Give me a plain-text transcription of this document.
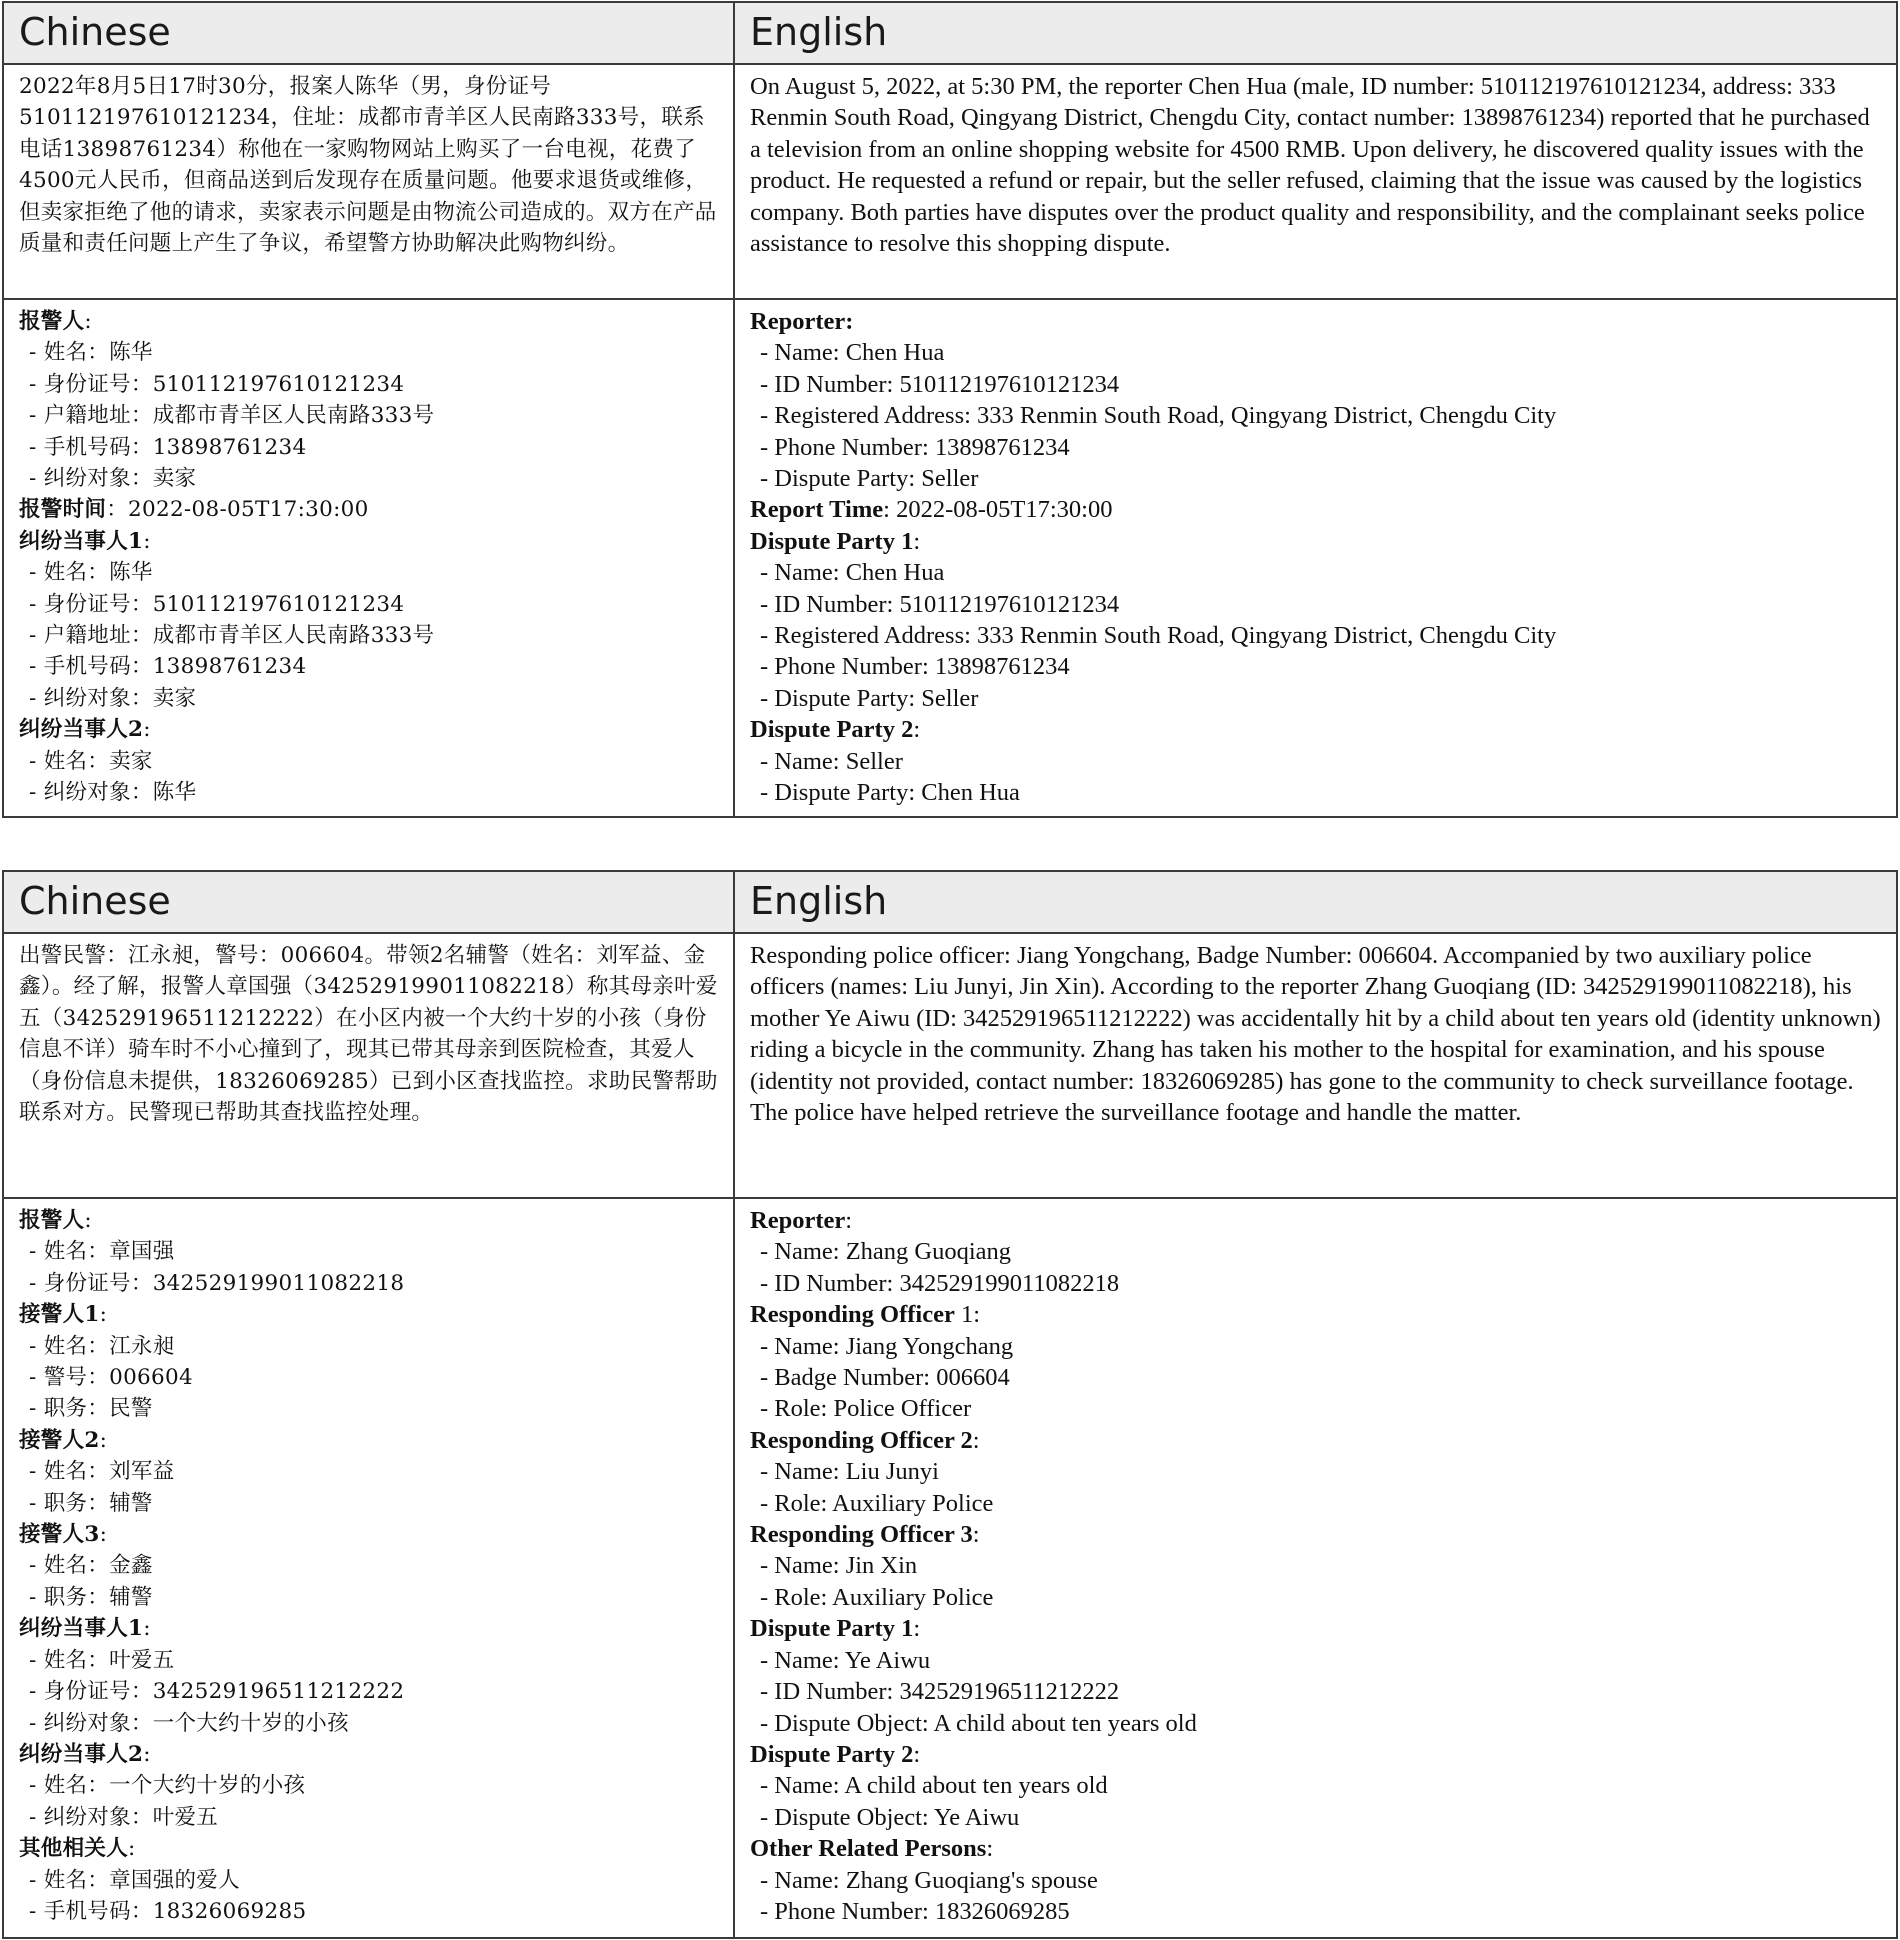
Chinese	English
2022年8月5日17时30分，报案人陈华（男，身份证号510112197610121234，住址：成都市青羊区人民南路333号，联系电话13898761234）称他在一家购物网站上购买了一台电视，花费了4500元人民币，但商品送到后发现存在质量问题。他要求退货或维修，但卖家拒绝了他的请求，卖家表示问题是由物流公司造成的。双方在产品质量和责任问题上产生了争议，希望警方协助解决此购物纠纷。
On August 5, 2022, at 5:30 PM, the reporter Chen Hua (male, ID number: 510112197610121234, address: 333 Renmin South Road, Qingyang District, Chengdu City, contact number: 13898761234) reported that he purchased a television from an online shopping website for 4500 RMB. Upon delivery, he discovered quality issues with the product. He requested a refund or repair, but the seller refused, claiming that the issue was caused by the logistics company. Both parties have disputes over the product quality and responsibility, and the complainant seeks police assistance to resolve this shopping dispute.
报警人:
- 姓名：陈华
- 身份证号：510112197610121234
- 户籍地址：成都市青羊区人民南路333号
- 手机号码：13898761234
- 纠纷对象：卖家
报警时间：2022-08-05T17:30:00
纠纷当事人1:
- 姓名：陈华
- 身份证号：510112197610121234
- 户籍地址：成都市青羊区人民南路333号
- 手机号码：13898761234
- 纠纷对象：卖家
纠纷当事人2:
- 姓名：卖家
- 纠纷对象：陈华
Reporter:
- Name: Chen Hua
- ID Number: 510112197610121234
- Registered Address: 333 Renmin South Road, Qingyang District, Chengdu City
- Phone Number: 13898761234
- Dispute Party: Seller
Report Time: 2022-08-05T17:30:00
Dispute Party 1:
- Name: Chen Hua
- ID Number: 510112197610121234
- Registered Address: 333 Renmin South Road, Qingyang District, Chengdu City
- Phone Number: 13898761234
- Dispute Party: Seller
Dispute Party 2:
- Name: Seller
- Dispute Party: Chen Hua
Chinese	English
出警民警：江永昶，警号：006604。带领2名辅警（姓名：刘军益、金鑫）。经了解，报警人章国强（342529199011082218）称其母亲叶爱五（342529196511212222）在小区内被一个大约十岁的小孩（身份信息不详）骑车时不小心撞到了，现其已带其母亲到医院检查，其爱人（身份信息未提供，18326069285）已到小区查找监控。求助民警帮助联系对方。民警现已帮助其查找监控处理。
Responding police officer: Jiang Yongchang, Badge Number: 006604. Accompanied by two auxiliary police officers (names: Liu Junyi, Jin Xin). According to the reporter Zhang Guoqiang (ID: 342529199011082218), his mother Ye Aiwu (ID: 342529196511212222) was accidentally hit by a child about ten years old (identity unknown) riding a bicycle in the community. Zhang has taken his mother to the hospital for examination, and his spouse (identity not provided, contact number: 18326069285) has gone to the community to check surveillance footage. The police have helped retrieve the surveillance footage and handle the matter.
报警人:
- 姓名：章国强
- 身份证号：342529199011082218
接警人1:
- 姓名：江永昶
- 警号：006604
- 职务：民警
接警人2:
- 姓名：刘军益
- 职务：辅警
接警人3:
- 姓名：金鑫
- 职务：辅警
纠纷当事人1:
- 姓名：叶爱五
- 身份证号：342529196511212222
- 纠纷对象：一个大约十岁的小孩
纠纷当事人2:
- 姓名：一个大约十岁的小孩
- 纠纷对象：叶爱五
其他相关人:
- 姓名：章国强的爱人
- 手机号码：18326069285
Reporter:
- Name: Zhang Guoqiang
- ID Number: 342529199011082218
Responding Officer 1:
- Name: Jiang Yongchang
- Badge Number: 006604
- Role: Police Officer
Responding Officer 2:
- Name: Liu Junyi
- Role: Auxiliary Police
Responding Officer 3:
- Name: Jin Xin
- Role: Auxiliary Police
Dispute Party 1:
- Name: Ye Aiwu
- ID Number: 342529196511212222
- Dispute Object: A child about ten years old
Dispute Party 2:
- Name: A child about ten years old
- Dispute Object: Ye Aiwu
Other Related Persons:
- Name: Zhang Guoqiang's spouse
- Phone Number: 18326069285
